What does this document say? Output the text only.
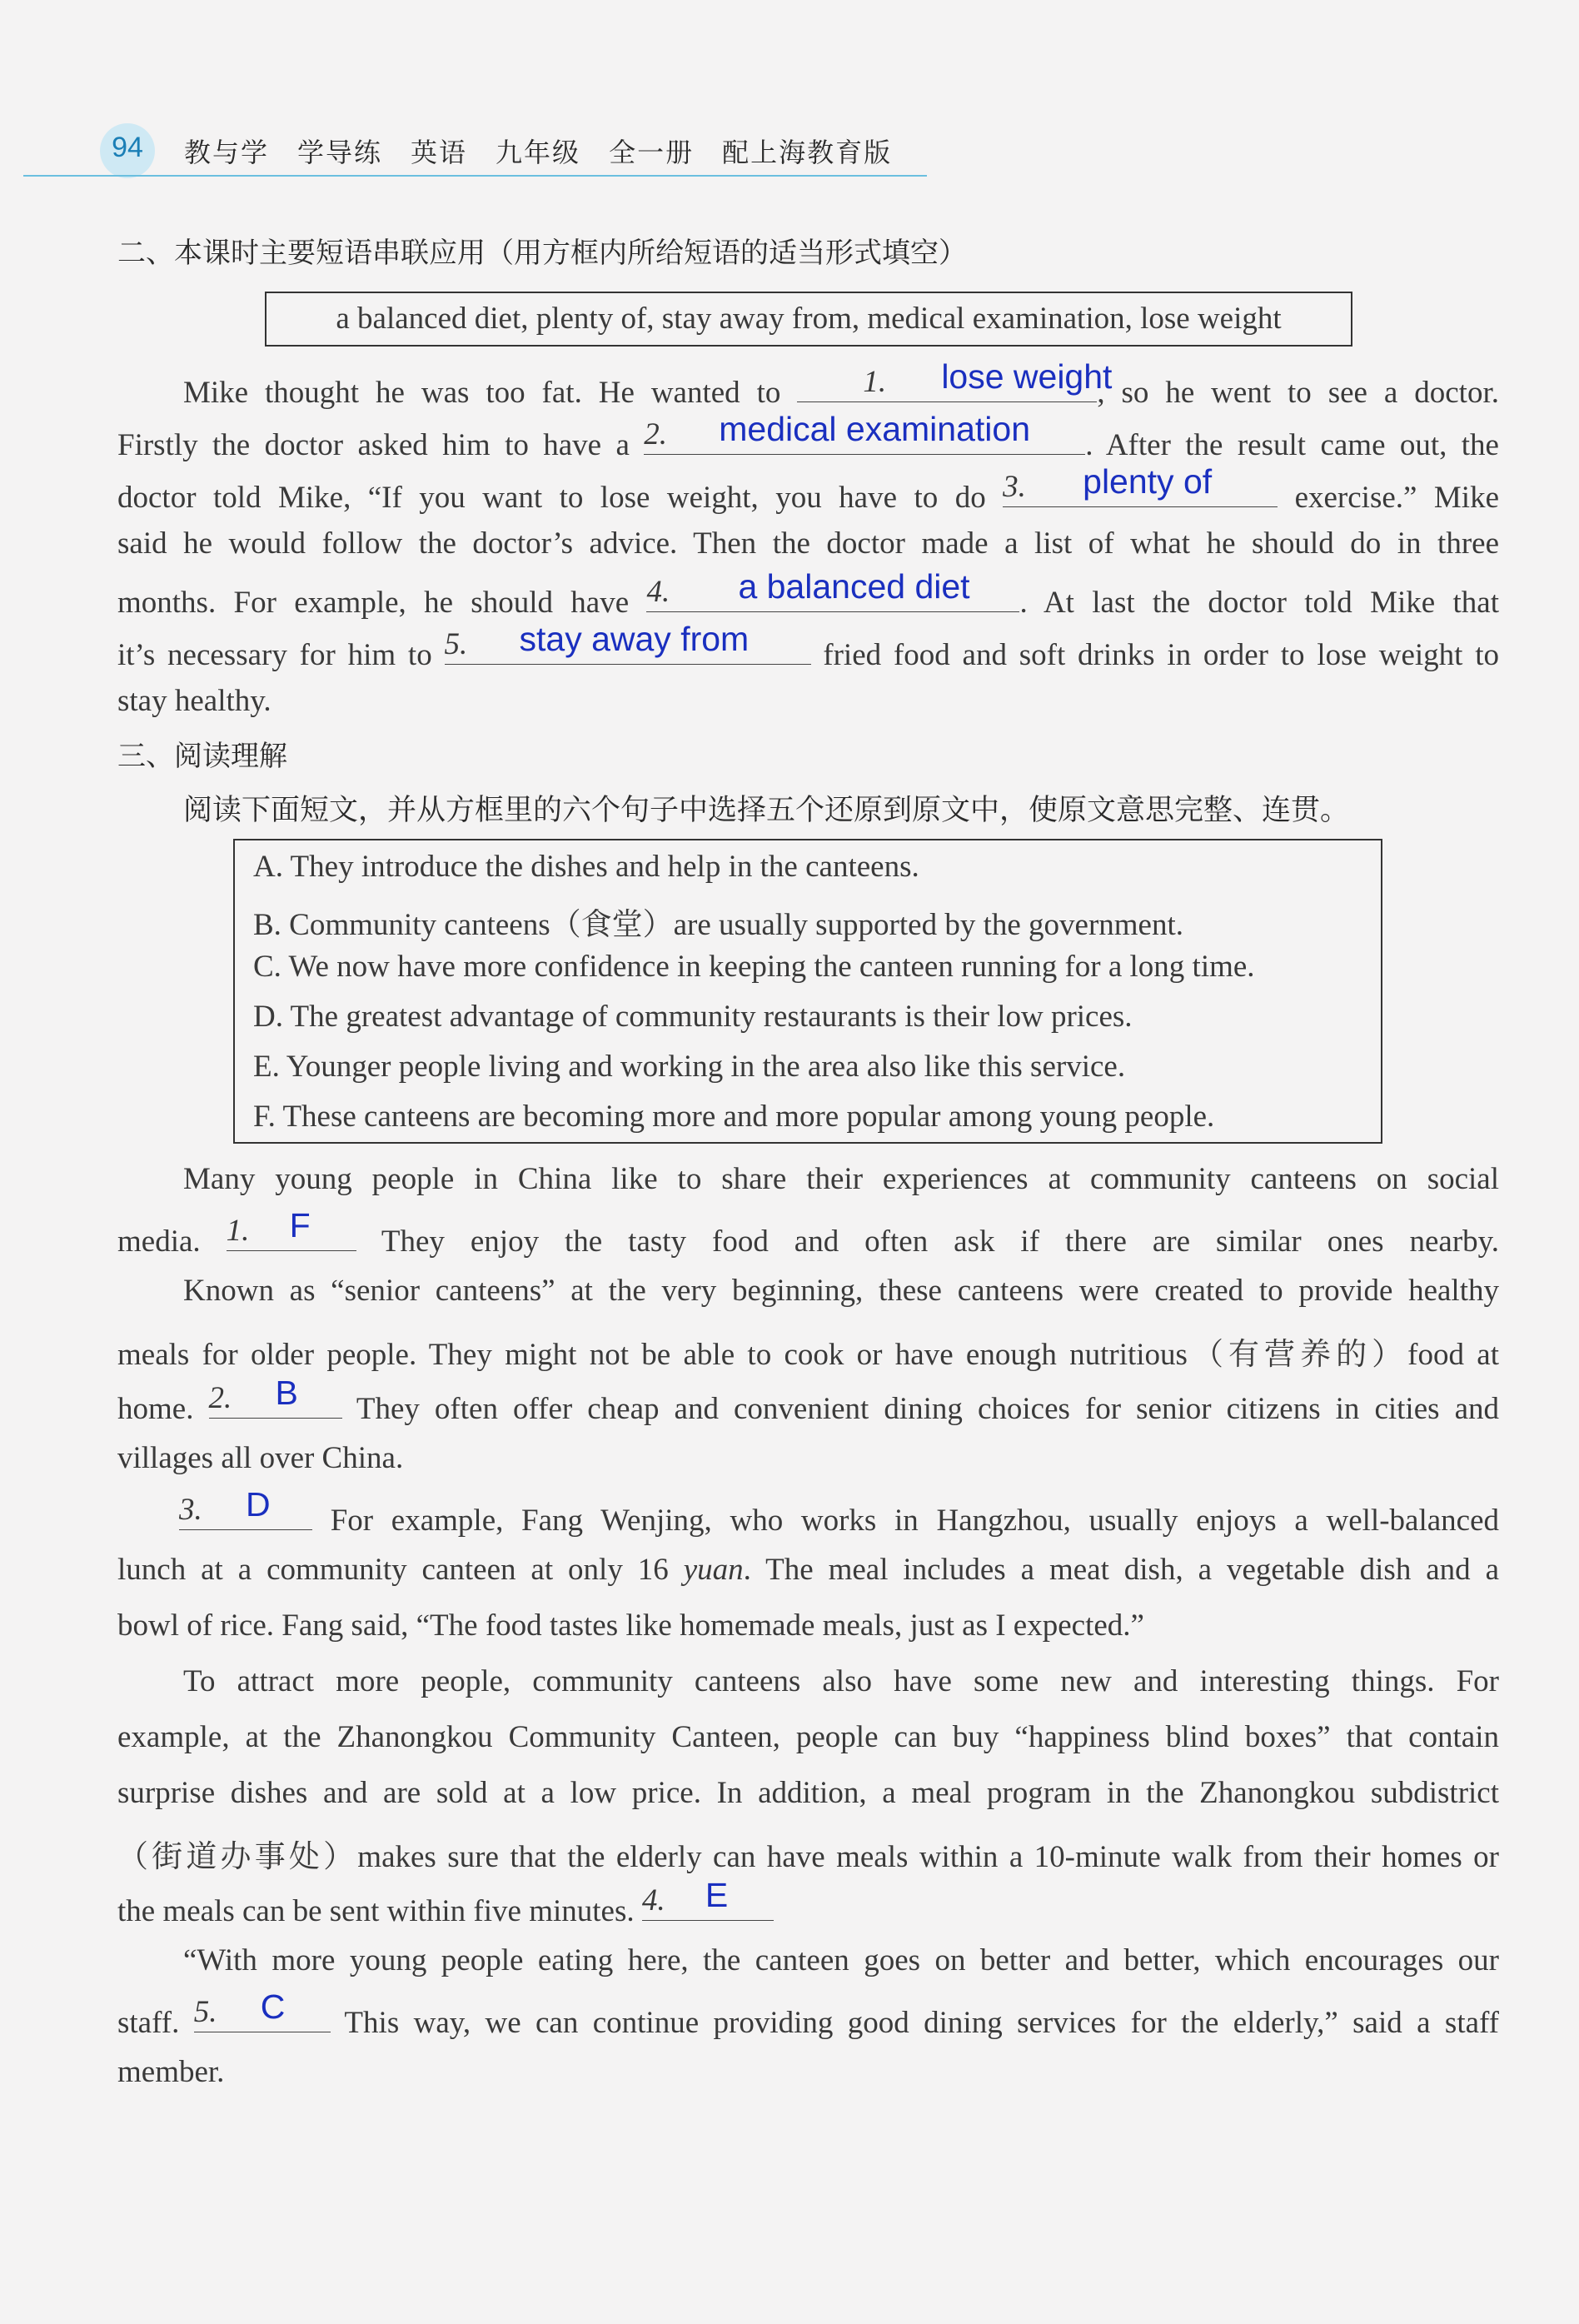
94	教与学 学导练 英语 九年级 全一册 配上海教育版
二、本课时主要短语串联应用（用方框内所给短语的适当形式填空）
a balanced diet, plenty of, stay away from, medical examination, lose weight
Mike thought he was too fat. He wanted to	1.	lose weight
, so he went to see a doctor.
Firstly the doctor asked him to have a 2. medical examination . After the result came out, the
doctor told Mike, “If you want to lose weight, you have to do 3. plenty of exercise.” Mike
said he would follow the doctor’s advice. Then the doctor made a list of what he should do in three
months. For example, he should have 4. a balanced diet . At last the doctor told Mike that
it’s necessary for him to 5. stay away from fried food and soft drinks in order to lose weight to
stay healthy.
三、阅读理解
阅读下面短文，并从方框里的六个句子中选择五个还原到原文中，使原文意思完整、连贯。
A. They introduce the dishes and help in the canteens.
B. Community canteens（食堂）are usually supported by the government.
C. We now have more confidence in keeping the canteen running for a long time.
D. The greatest advantage of community restaurants is their low prices.
E. Younger people living and working in the area also like this service.
F. These canteens are becoming more and more popular among young people.
Many young people in China like to share their experiences at community canteens on social
media. 1. F They enjoy the tasty food and often ask if there are similar ones nearby.
Known as “senior canteens” at the very beginning, these canteens were created to provide healthy
meals for older people. They might not be able to cook or have enough nutritious（有营养的）food at
home. 2. B They often offer cheap and convenient dining choices for senior citizens in cities and
villages all over China.
3. D For example, Fang Wenjing, who works in Hangzhou, usually enjoys a well-balanced
lunch at a community canteen at only 16 yuan. The meal includes a meat dish, a vegetable dish and a
bowl of rice. Fang said, “The food tastes like homemade meals, just as I expected.”
To attract more people, community canteens also have some new and interesting things. For
example, at the Zhanongkou Community Canteen, people can buy “happiness blind boxes” that contain
surprise dishes and are sold at a low price. In addition, a meal program in the Zhanongkou subdistrict
（街道办事处）makes sure that the elderly can have meals within a 10-minute walk from their homes or
the meals can be sent within five minutes. 4. E
“With more young people eating here, the canteen goes on better and better, which encourages our
staff. 5. C This way, we can continue providing good dining services for the elderly,” said a staff
member.
